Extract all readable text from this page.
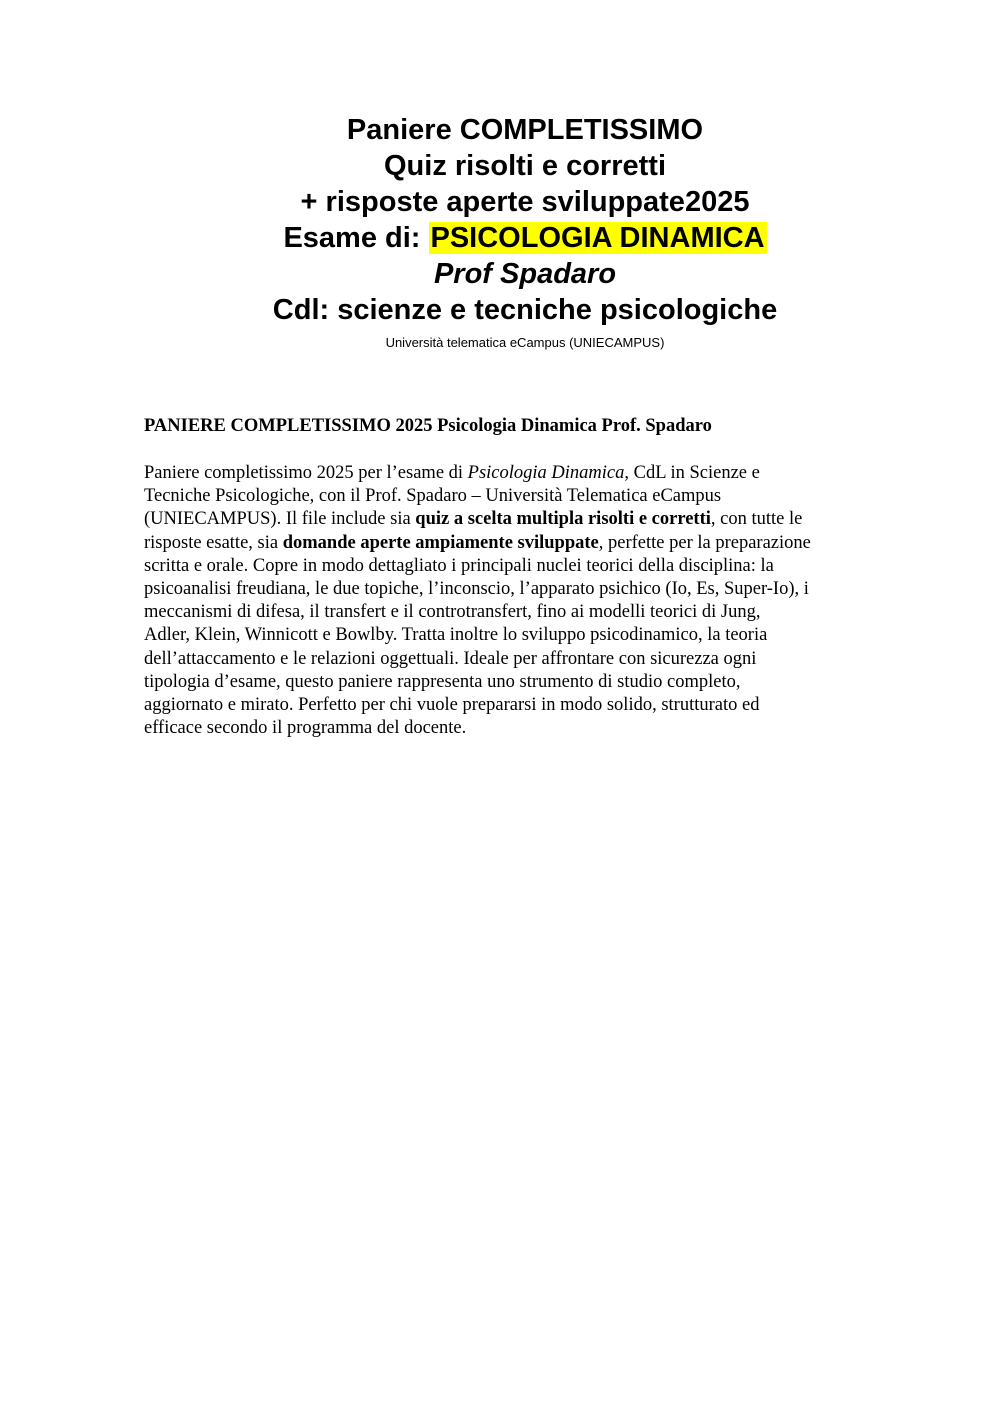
Paniere COMPLETISSIMO

Quiz risolti e corretti

+ risposte aperte sviluppate2025

Esame di: PSICOLOGIA DINAMICA

Prof Spadaro

Cdl: scienze e tecniche psicologiche

Università telematica eCampus (UNIECAMPUS)

PANIERE COMPLETISSIMO 2025 Psicologia Dinamica Prof. Spadaro

Paniere completissimo 2025 per l’esame di Psicologia Dinamica, CdL in Scienze e
Tecniche Psicologiche, con il Prof. Spadaro – Università Telematica eCampus
(UNIECAMPUS). Il file include sia quiz a scelta multipla risolti e corretti, con tutte le
risposte esatte, sia domande aperte ampiamente sviluppate, perfette per la preparazione
scritta e orale. Copre in modo dettagliato i principali nuclei teorici della disciplina: la
psicoanalisi freudiana, le due topiche, l’inconscio, l’apparato psichico (Io, Es, Super-Io), i
meccanismi di difesa, il transfert e il controtransfert, fino ai modelli teorici di Jung,
Adler, Klein, Winnicott e Bowlby. Tratta inoltre lo sviluppo psicodinamico, la teoria
dell’attaccamento e le relazioni oggettuali. Ideale per affrontare con sicurezza ogni
tipologia d’esame, questo paniere rappresenta uno strumento di studio completo,
aggiornato e mirato. Perfetto per chi vuole prepararsi in modo solido, strutturato ed
efficace secondo il programma del docente.
